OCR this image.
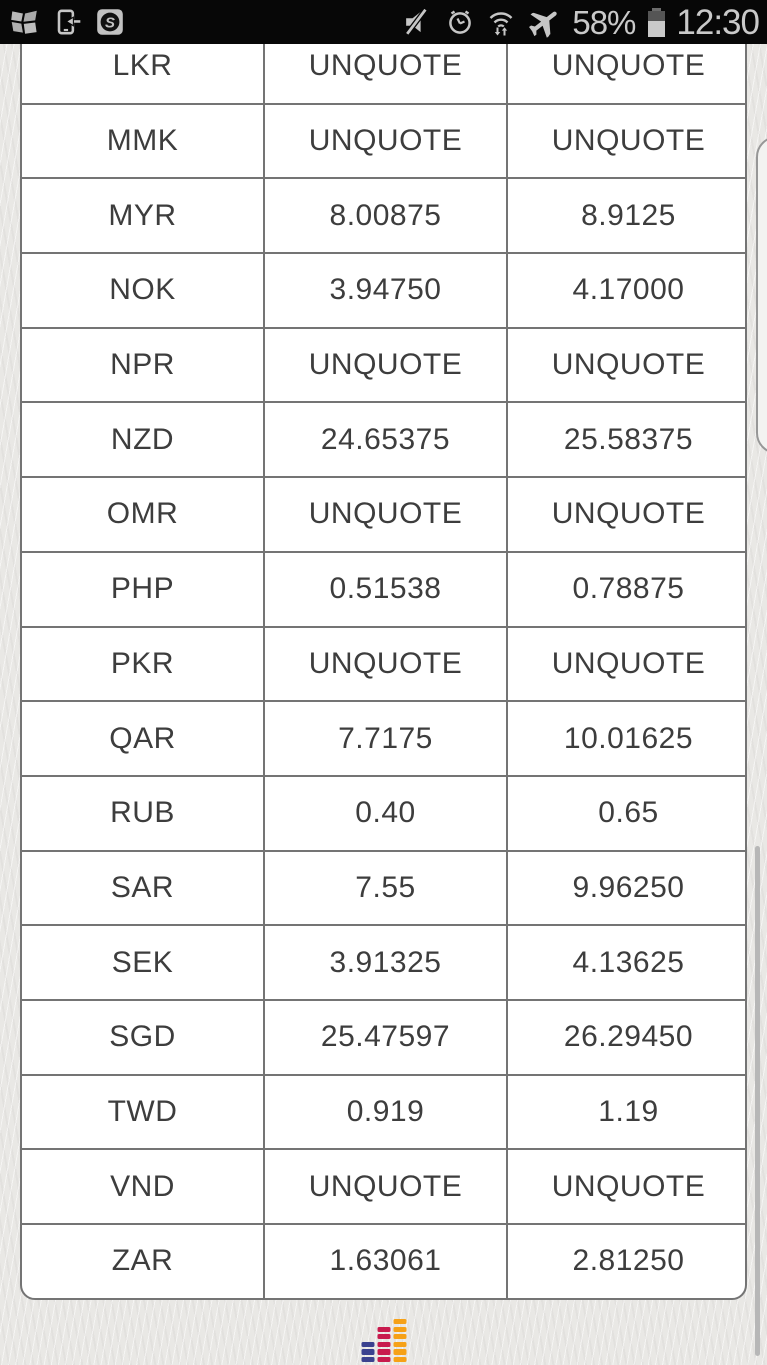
S	58% 12:30
LKR	UNQUOTE	UNQUOTE
MMK	UNQUOTE	UNQUOTE
MYR	8.00875	8.9125
NOK	3.94750	4.17000
NPR	UNQUOTE	UNQUOTE
NZD	24.65375	25.58375
OMR	UNQUOTE	UNQUOTE
PHP	0.51538	0.78875
PKR	UNQUOTE	UNQUOTE
QAR	7.7175	10.01625
RUB	0.40	0.65
SAR	7.55	9.96250
SEK	3.91325	4.13625
SGD	25.47597	26.29450
TWD	0.919	1.19
VND	UNQUOTE	UNQUOTE
ZAR	1.63061	2.81250
